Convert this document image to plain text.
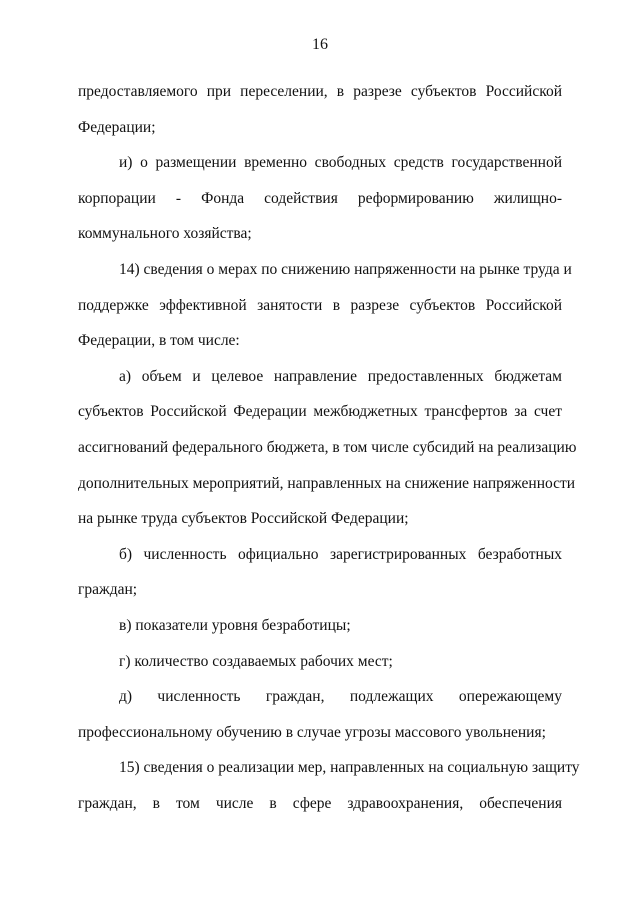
16

предоставляемого при переселении, в разрезе субъектов Российской

Федерации;

и) о размещении временно свободных средств государственной

корпорации - Фонда содействия реформированию жилищно-

коммунального хозяйства;

14) сведения о мерах по снижению напряженности на рынке труда и

поддержке эффективной занятости в разрезе субъектов Российской

Федерации, в том числе:

а) объем и целевое направление предоставленных бюджетам

субъектов Российской Федерации межбюджетных трансфертов за счет

ассигнований федерального бюджета, в том числе субсидий на реализацию

дополнительных мероприятий, направленных на снижение напряженности

на рынке труда субъектов Российской Федерации;

б) численность официально зарегистрированных безработных

граждан;

в) показатели уровня безработицы;

г) количество создаваемых рабочих мест;

д) численность граждан, подлежащих опережающему

профессиональному обучению в случае угрозы массового увольнения;

15) сведения о реализации мер, направленных на социальную защиту

граждан, в том числе в сфере здравоохранения, обеспечения
